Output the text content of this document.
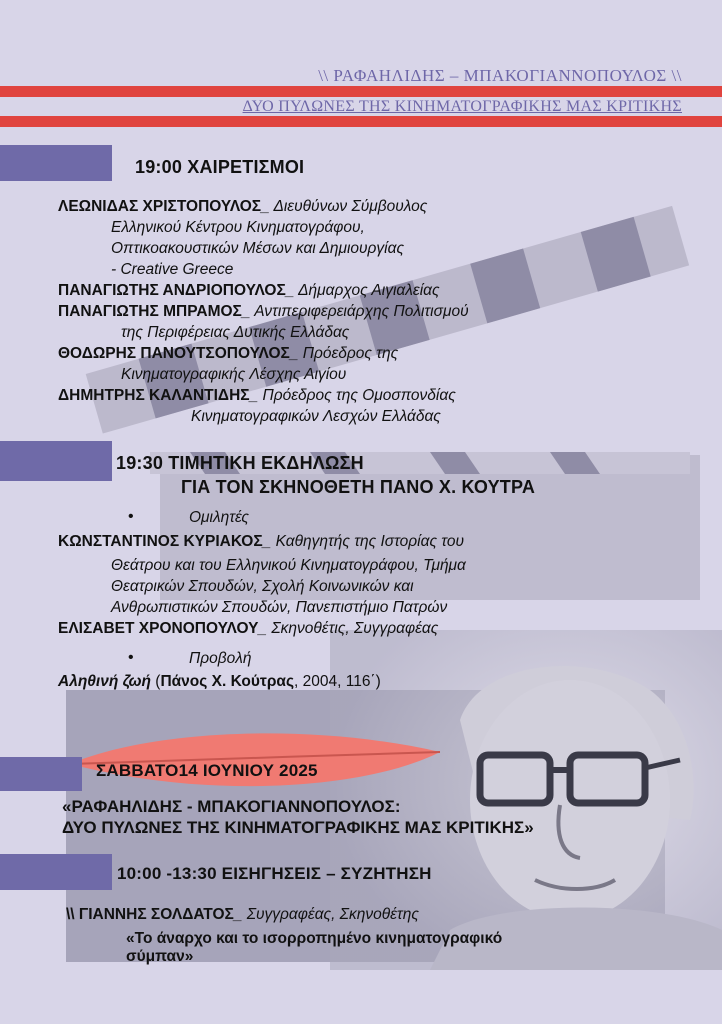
\\ ΡΑΦΑΗΛΙΔΗΣ – ΜΠΑΚΟΓΙΑΝΝΟΠΟΥΛΟΣ \\
ΔΥΟ ΠΥΛΩΝΕΣ ΤΗΣ ΚΙΝΗΜΑΤΟΓΡΑΦΙΚΗΣ ΜΑΣ ΚΡΙΤΙΚΗΣ
19:00 ΧΑΙΡΕΤΙΣΜΟΙ
ΛΕΩΝΙΔΑΣ ΧΡΙΣΤΟΠΟΥΛΟΣ_ Διευθύνων Σύμβουλος
Ελληνικού Κέντρου Κινηματογράφου,
Οπτικοακουστικών Μέσων και Δημιουργίας
- Creative Greece
ΠΑΝΑΓΙΩΤΗΣ ΑΝΔΡΙΟΠΟΥΛΟΣ_ Δήμαρχος Αιγιαλείας
ΠΑΝΑΓΙΩΤΗΣ ΜΠΡΑΜΟΣ_ Αντιπεριφερειάρχης Πολιτισμού
της Περιφέρειας Δυτικής Ελλάδας
ΘΟΔΩΡΗΣ ΠΑΝΟΥΤΣΟΠΟΥΛΟΣ_ Πρόεδρος της
Κινηματογραφικής Λέσχης Αιγίου
ΔΗΜΗΤΡΗΣ ΚΑΛΑΝΤΙΔΗΣ_ Πρόεδρος της Ομοσπονδίας
Κινηματογραφικών Λεσχών Ελλάδας
19:30 ΤΙΜΗΤΙΚΗ ΕΚΔΗΛΩΣΗ
ΓΙΑ ΤΟΝ ΣΚΗΝΟΘΕΤΗ ΠΑΝΟ Χ. ΚΟΥΤΡΑ
•	Ομιλητές
ΚΩΝΣΤΑΝΤΙΝΟΣ ΚΥΡΙΑΚΟΣ_ Καθηγητής της Ιστορίας του
Θεάτρου και του Ελληνικού Κινηματογράφου, Τμήμα
Θεατρικών Σπουδών, Σχολή Κοινωνικών και
Ανθρωπιστικών Σπουδών, Πανεπιστήμιο Πατρών
ΕΛΙΣΑΒΕΤ ΧΡΟΝΟΠΟΥΛΟΥ_ Σκηνοθέτις, Συγγραφέας
•	Προβολή
Αληθινή ζωή (Πάνος Χ. Κούτρας, 2004, 116΄)
ΣΑΒΒΑΤΟ14 ΙΟΥΝΙΟΥ 2025
«ΡΑΦΑΗΛΙΔΗΣ - ΜΠΑΚΟΓΙΑΝΝΟΠΟΥΛΟΣ:
ΔΥΟ ΠΥΛΩΝΕΣ ΤΗΣ ΚΙΝΗΜΑΤΟΓΡΑΦΙΚΗΣ ΜΑΣ ΚΡΙΤΙΚΗΣ»
10:00 -13:30 ΕΙΣΗΓΗΣΕΙΣ – ΣΥΖΗΤΗΣΗ
\\ ΓΙΑΝΝΗΣ ΣΟΛΔΑΤΟΣ_ Συγγραφέας, Σκηνοθέτης
«Το άναρχο και το ισορροπημένο κινηματογραφικό
σύμπαν»
